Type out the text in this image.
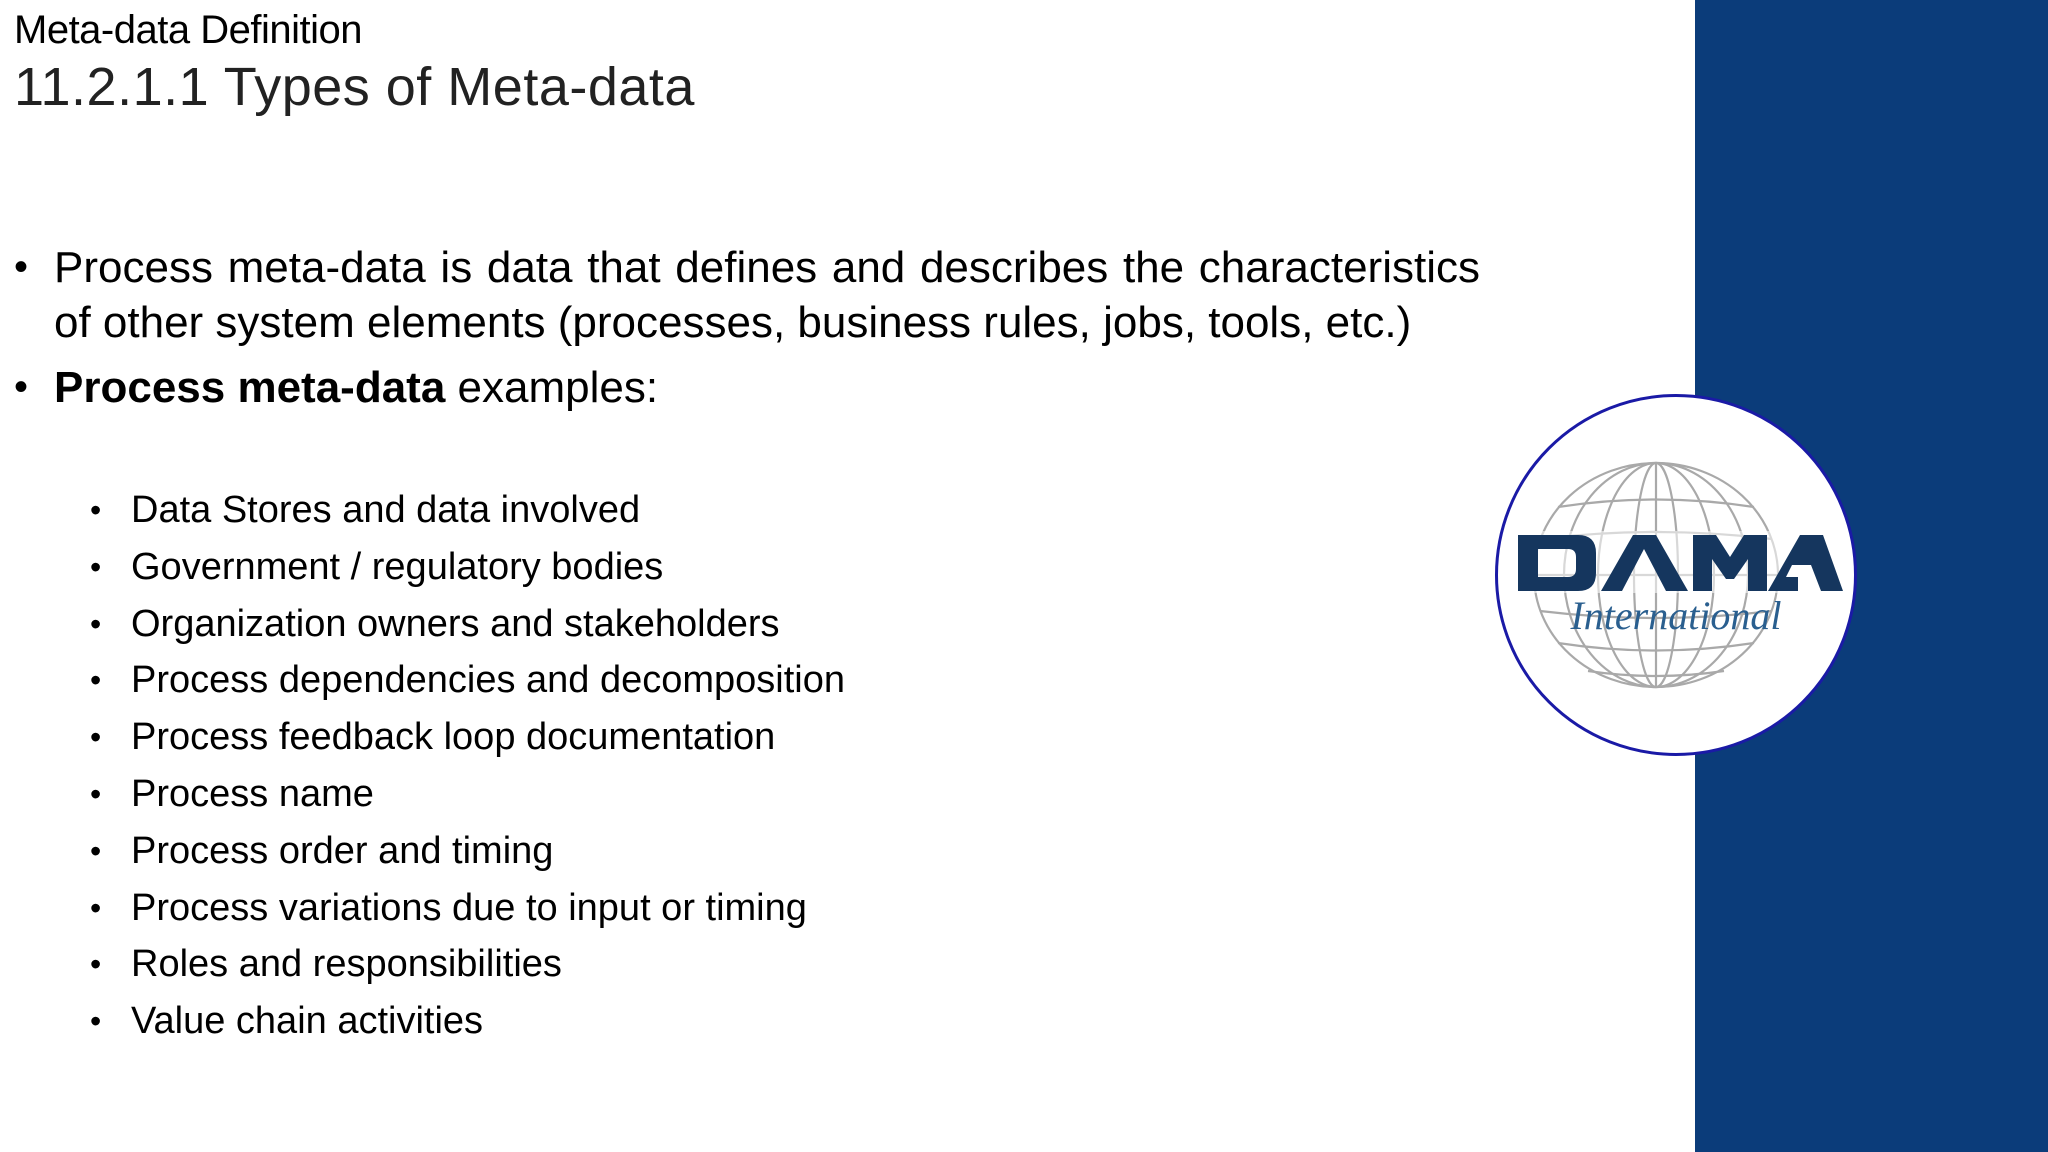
Meta-data Definition
11.2.1.1 Types of Meta-data
• Process meta-data is data that defines and describes the characteristics of other system elements (processes, business rules, jobs, tools, etc.)
• Process meta-data examples:
• Data Stores and data involved
• Government / regulatory bodies
• Organization owners and stakeholders
• Process dependencies and decomposition
• Process feedback loop documentation
• Process name
• Process order and timing
• Process variations due to input or timing
• Roles and responsibilities
• Value chain activities
International
